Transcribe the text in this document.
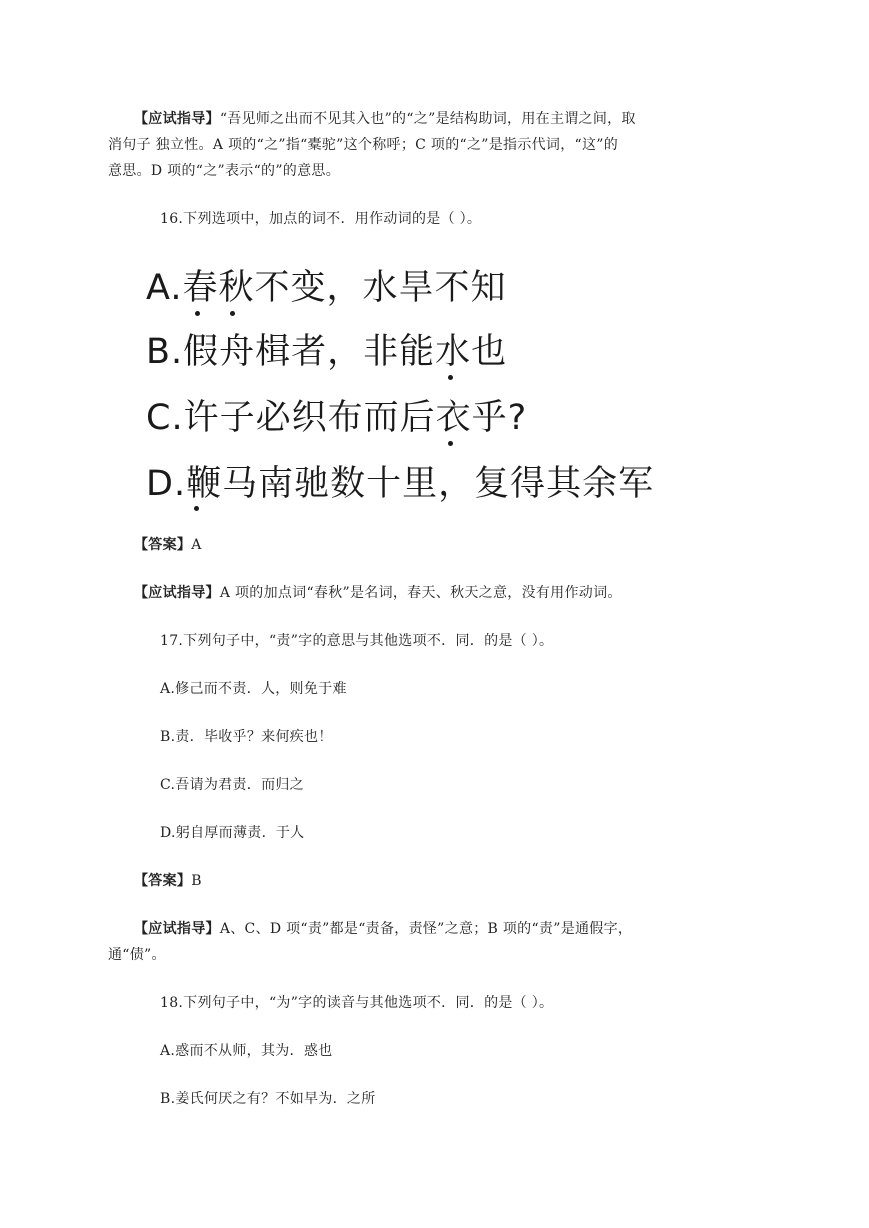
【应试指导】“吾见师之出而不见其入也”的“之”是结构助词，用在主谓之间，取

消句子 独立性。A 项的“之”指“橐驼”这个称呼；C 项的“之”是指示代词，“这”的

意思。D 项的“之”表示“的”的意思。

16.下列选项中，加点的词不．用作动词的是（ ）。

A.春秋不变，水旱不知
B.假舟楫者，非能水也
C.许子必织布而后衣乎?
D.鞭马南驰数十里，复得其余军

【答案】A

【应试指导】A 项的加点词“春秋”是名词，春天、秋天之意，没有用作动词。

17.下列句子中，“责”字的意思与其他选项不．同．的是（ ）。

A.修己而不责．人，则免于难

B.责．毕收乎？来何疾也！

C.吾请为君责．而归之

D.躬自厚而薄责．于人

【答案】B

【应试指导】A、C、D 项“责”都是“责备，责怪”之意；B 项的“责”是通假字，

通“债”。

18.下列句子中，“为”字的读音与其他选项不．同．的是（ ）。

A.惑而不从师，其为．惑也

B.姜氏何厌之有？不如早为．之所
